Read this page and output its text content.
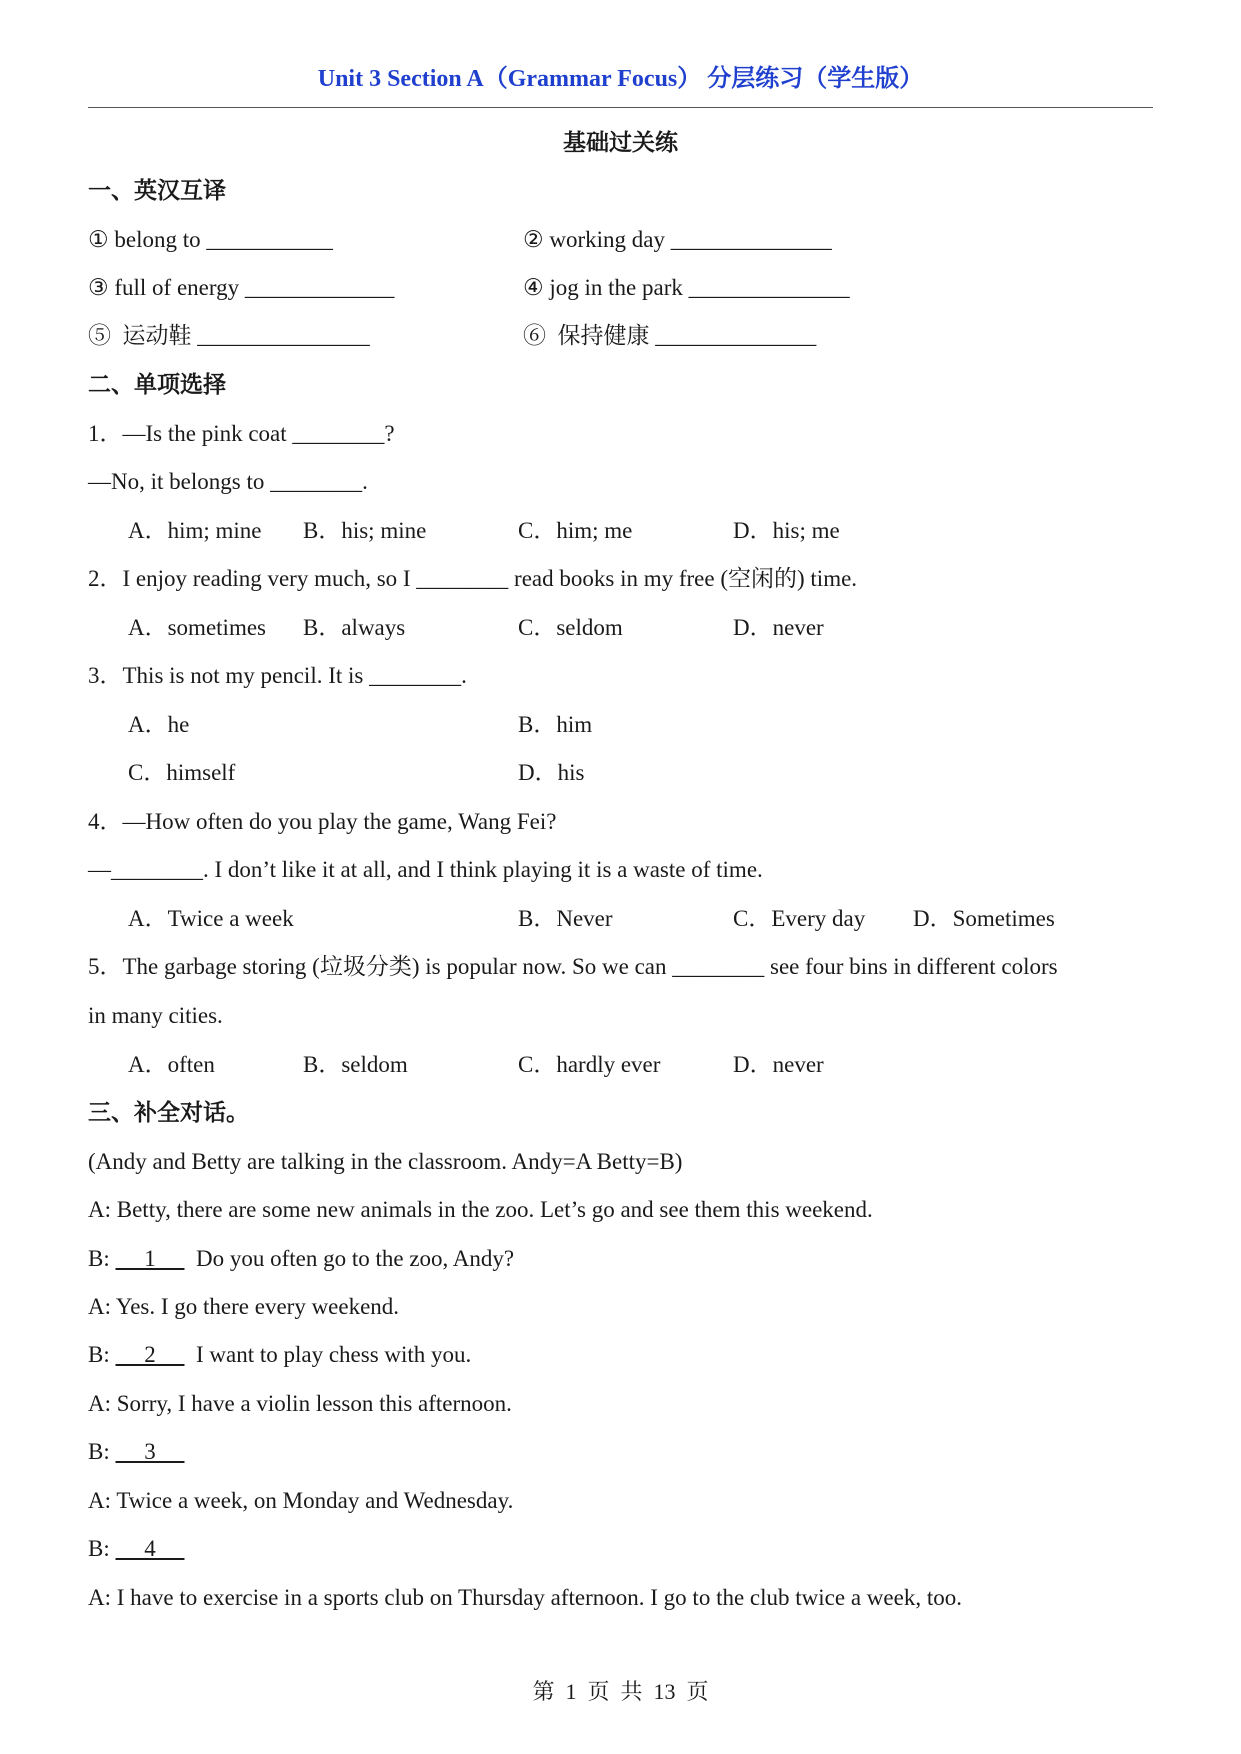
Unit 3 Section A（Grammar Focus） 分层练习（学生版）
基础过关练
一、英汉互译
① belong to ___________	② working day ______________
③ full of energy _____________	④ jog in the park ______________
⑤  运动鞋 _______________	⑥  保持健康 ______________
二、单项选择
1．—Is the pink coat ________?
—No, it belongs to ________.
A．him; mine B．his; mine	C．him; me	D．his; me
2．I enjoy reading very much, so I ________ read books in my free (空闲的) time.
A．sometimes B．always	C．seldom	D．never
3．This is not my pencil. It is ________.
A．he	B．him
C．himself	D．his
4．—How often do you play the game, Wang Fei?
—________. I don’t like it at all, and I think playing it is a waste of time.
A．Twice a week	B．Never	C．Every day D．Sometimes
5．The garbage storing (垃圾分类) is popular now. So we can ________ see four bins in different colors
in many cities.
A．often	B．seldom	C．hardly ever	D．never
三、补全对话。
(Andy and Betty are talking in the classroom. Andy=A Betty=B)
A: Betty, there are some new animals in the zoo. Let’s go and see them this weekend.
B:      1       Do you often go to the zoo, Andy?
A: Yes. I go there every weekend.
B:      2       I want to play chess with you.
A: Sorry, I have a violin lesson this afternoon.
B:      3
A: Twice a week, on Monday and Wednesday.
B:      4
A: I have to exercise in a sports club on Thursday afternoon. I go to the club twice a week, too.
第  1  页  共  13  页
